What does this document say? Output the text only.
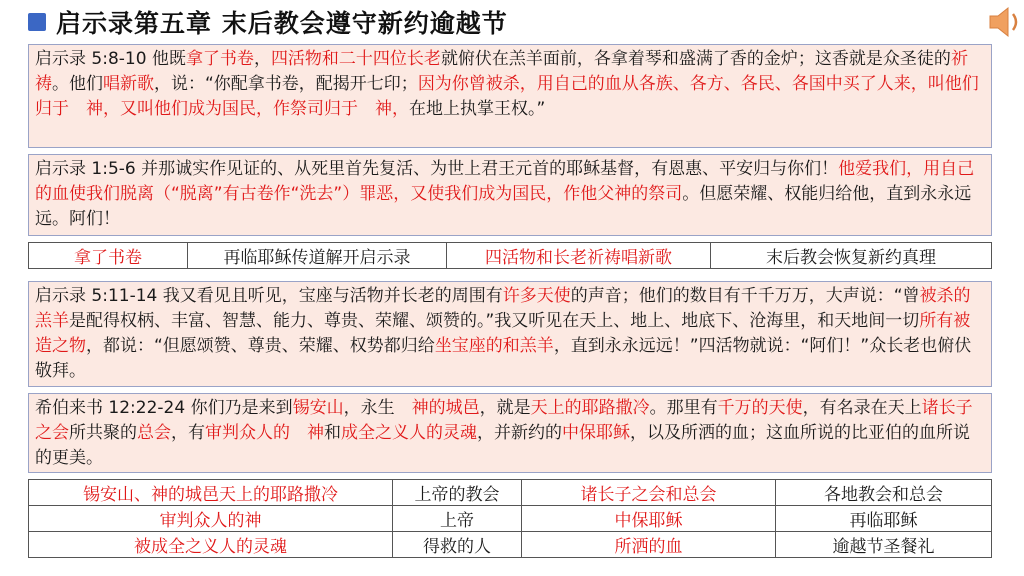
启示录第五章 末后教会遵守新约逾越节
启示录 5:8-10 他既拿了书卷，四活物和二十四位长老就俯伏在羔羊面前，各拿着琴和盛满了香的金炉；这香就是众圣徒的祈祷。他们唱新歌，说：“你配拿书卷，配揭开七印；因为你曾被杀，用自己的血从各族、各方、各民、各国中买了人来，叫他们归于　神，又叫他们成为国民，作祭司归于　神，在地上执掌王权。”
启示录 1:5-6 并那诚实作见证的、从死里首先复活、为世上君王元首的耶稣基督，有恩惠、平安归与你们！他爱我们，用自己的血使我们脱离（“脱离”有古卷作“洗去”）罪恶，又使我们成为国民，作他父神的祭司。但愿荣耀、权能归给他，直到永永远远。阿们！
拿了书卷	再临耶稣传道解开启示录	四活物和长老祈祷唱新歌	末后教会恢复新约真理
启示录 5:11-14 我又看见且听见，宝座与活物并长老的周围有许多天使的声音；他们的数目有千千万万，大声说：“曾被杀的羔羊是配得权柄、丰富、智慧、能力、尊贵、荣耀、颂赞的。”我又听见在天上、地上、地底下、沧海里，和天地间一切所有被造之物，都说：“但愿颂赞、尊贵、荣耀、权势都归给坐宝座的和羔羊，直到永永远远！”四活物就说：“阿们！”众长老也俯伏敬拜。
希伯来书 12:22-24 你们乃是来到锡安山，永生　神的城邑，就是天上的耶路撒冷。那里有千万的天使，有名录在天上诸长子之会所共聚的总会，有审判众人的　神和成全之义人的灵魂，并新约的中保耶稣，以及所洒的血；这血所说的比亚伯的血所说的更美。
锡安山、神的城邑天上的耶路撒冷	上帝的教会	诸长子之会和总会	各地教会和总会
审判众人的神	上帝	中保耶稣	再临耶稣
被成全之义人的灵魂	得救的人	所洒的血	逾越节圣餐礼
